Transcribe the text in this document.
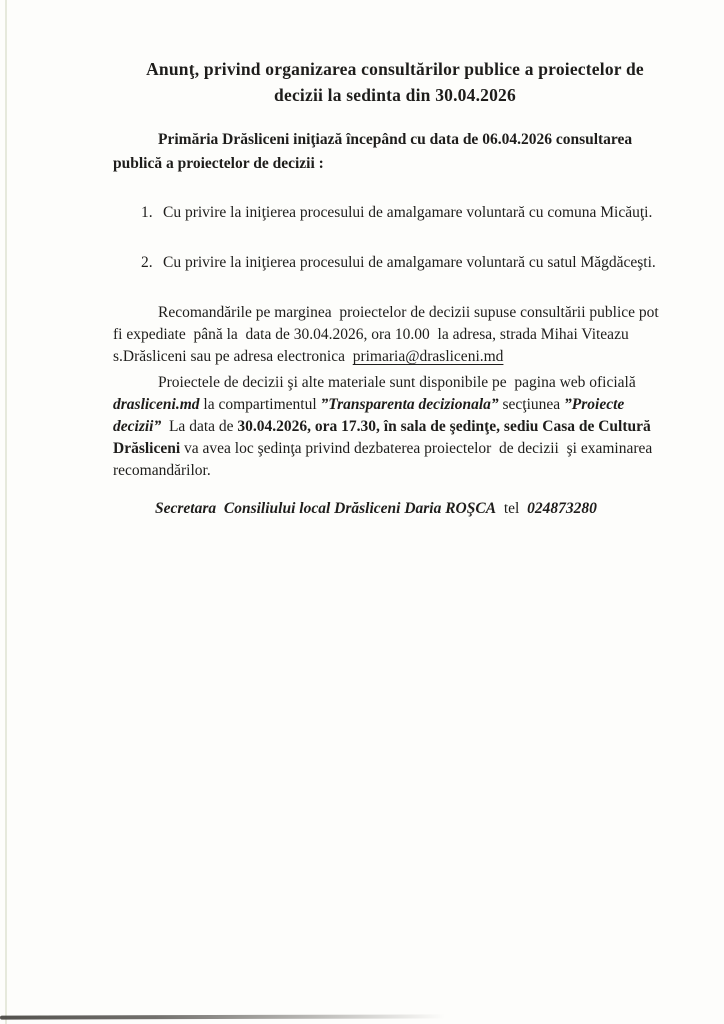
Anunţ, privind organizarea consultărilor publice a proiectelor de
decizii la sedinta din 30.04.2026

Primăria Drăsliceni iniţiază începând cu data de 06.04.2026 consultarea publică a proiectelor de decizii :

1. Cu privire la iniţierea procesului de amalgamare voluntară cu comuna Micăuţi.
2. Cu privire la iniţierea procesului de amalgamare voluntară cu satul Măgdăceşti.

Recomandările pe marginea  proiectelor de decizii supuse consultării publice pot fi expediate  până la  data de 30.04.2026, ora 10.00  la adresa, strada Mihai Viteazu s.Drăsliceni sau pe adresa electronica  primaria@drasliceni.md

Proiectele de decizii şi alte materiale sunt disponibile pe  pagina web oficială drasliceni.md la compartimentul ”Transparenta decizionala” secţiunea ”Proiecte decizii”  La data de 30.04.2026, ora 17.30, în sala de şedinţe, sediu Casa de Cultură Drăsliceni va avea loc şedinţa privind dezbaterea proiectelor  de decizii  şi examinarea recomandărilor.

Secretara  Consiliului local Drăsliceni Daria ROŞCA  tel  024873280
